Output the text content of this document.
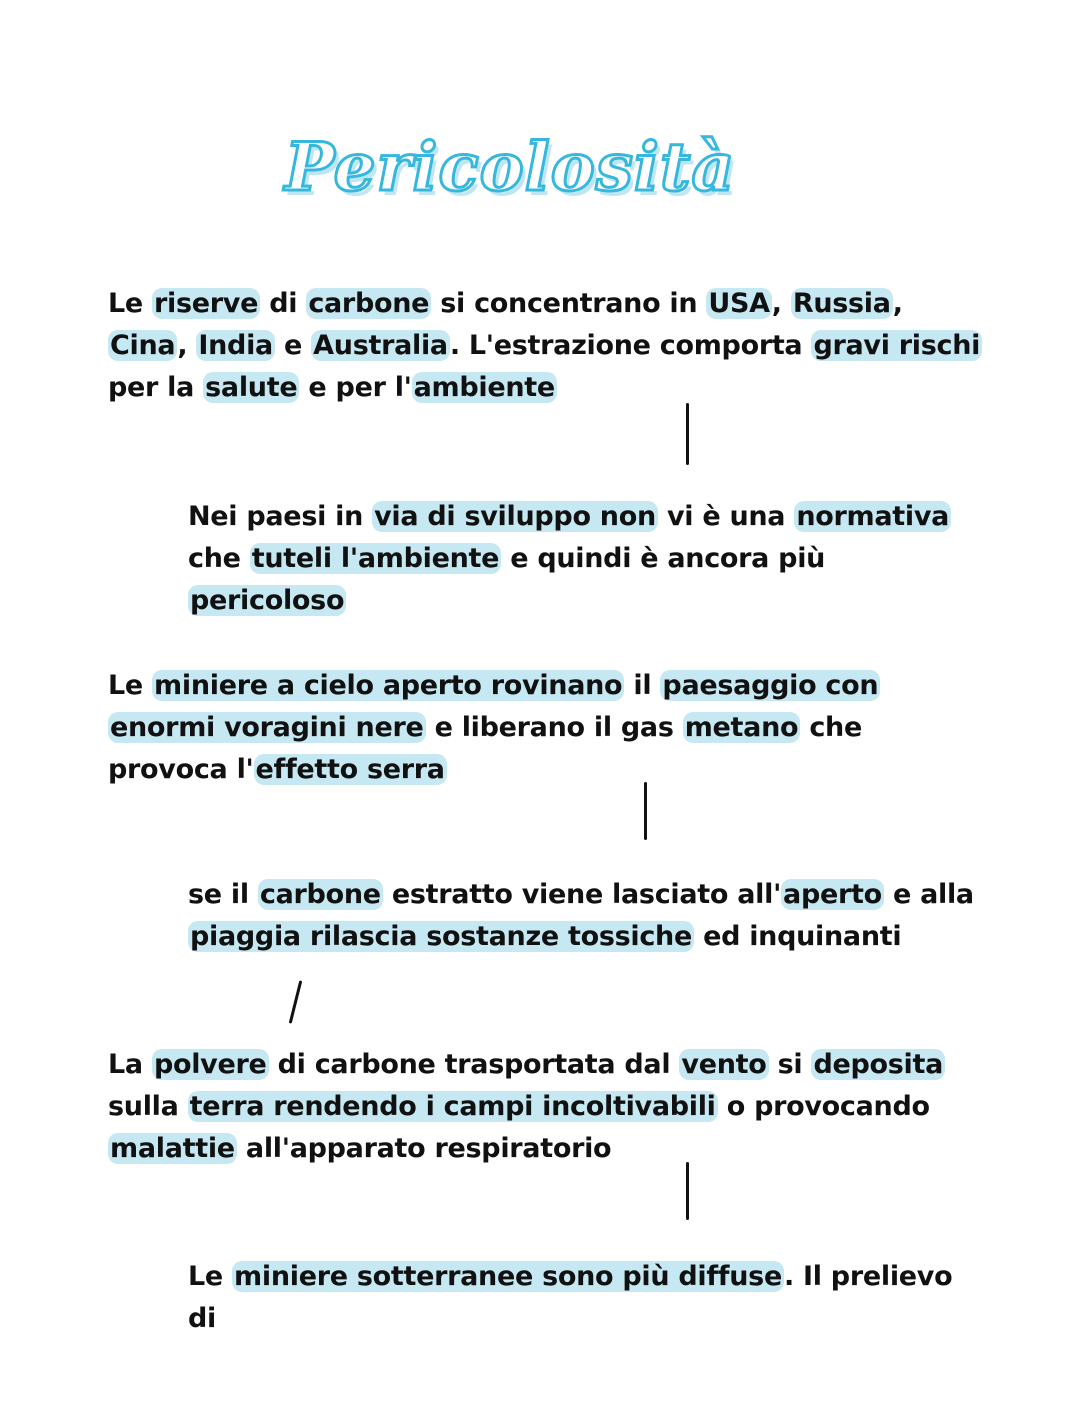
Pericolosità
Le riserve di carbone si concentrano in USA, Russia, Cina, India e Australia. L'estrazione comporta gravi rischi per la salute e per l'ambiente
Nei paesi in via di sviluppo non vi è una normativa che tuteli l'ambiente e quindi è ancora più pericoloso
Le miniere a cielo aperto rovinano il paesaggio con enormi voragini nere e liberano il gas metano che provoca l'effetto serra
se il carbone estratto viene lasciato all'aperto e alla piaggia rilascia sostanze tossiche ed inquinanti
La polvere di carbone trasportata dal vento si deposita sulla terra rendendo i campi incoltivabili o provocando malattie all'apparato respiratorio
Le miniere sotterranee sono più diffuse. Il prelievo di
